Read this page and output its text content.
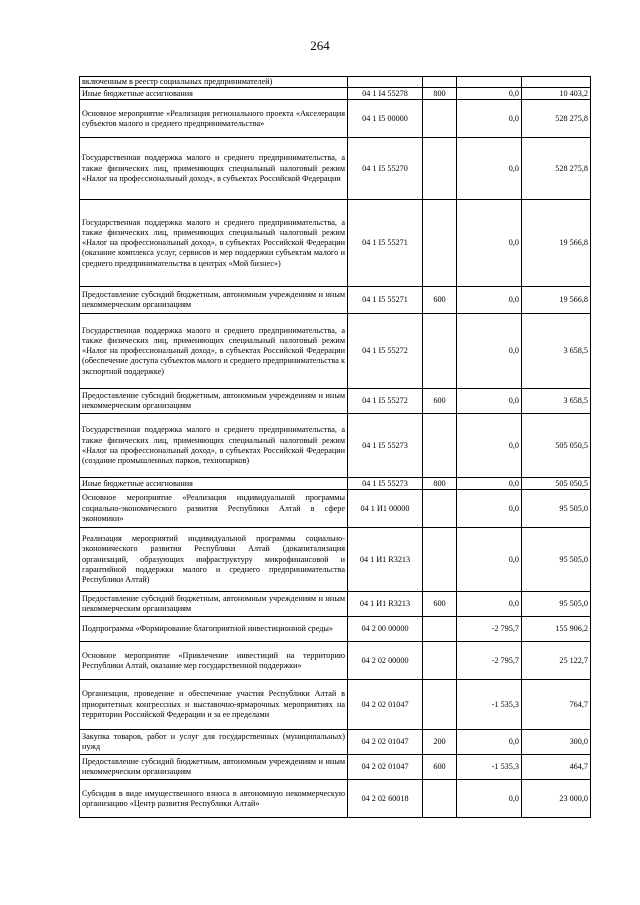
264
включенным в реестр социальных предпринимателей)				
Иные бюджетные ассигнования	04 1 I4 55278	800	0,0	10 403,2
Основное мероприятие «Реализация регионального проекта «Акселерация субъектов малого и среднего предпринимательства»	04 1 I5 00000		0,0	528 275,8
Государственная поддержка малого и среднего предпринимательства, а также физических лиц, применяющих специальный налоговый режим «Налог на профессиональный доход», в субъектах Российской Федерации	04 1 I5 55270		0,0	528 275,8
Государственная поддержка малого и среднего предпринимательства, а также физических лиц, применяющих специальный налоговый режим «Налог на профессиональный доход», в субъектах Российской Федерации (оказание комплекса услуг, сервисов и мер поддержки субъектам малого и среднего предпринимательства в центрах «Мой бизнес»)	04 1 I5 55271		0,0	19 566,8
Предоставление субсидий бюджетным, автономным учреждениям и иным некоммерческим организациям	04 1 I5 55271	600	0,0	19 566,8
Государственная поддержка малого и среднего предпринимательства, а также физических лиц, применяющих специальный налоговый режим «Налог на профессиональный доход», в субъектах Российской Федерации (обеспечение доступа субъектов малого и среднего предпринимательства к экспортной поддержке)	04 1 I5 55272		0,0	3 658,5
Предоставление субсидий бюджетным, автономным учреждениям и иным некоммерческим организациям	04 1 I5 55272	600	0,0	3 658,5
Государственная поддержка малого и среднего предпринимательства, а также физических лиц, применяющих специальный налоговый режим «Налог на профессиональный доход», в субъектах Российской Федерации (создание промышленных парков, технопарков)	04 1 I5 55273		0,0	505 050,5
Иные бюджетные ассигнования	04 1 I5 55273	800	0,0	505 050,5
Основное мероприятие «Реализация индивидуальной программы социально-экономического развития Республики Алтай в сфере экономики»	04 1 И1 00000		0,0	95 505,0
Реализация мероприятий индивидуальной программы социально-экономического развития Республики Алтай (докапитализация организаций, образующих инфраструктуру микрофинансовой и гарантийной поддержки малого и среднего предпринимательства Республики Алтай)	04 1 И1 R3213		0,0	95 505,0
Предоставление субсидий бюджетным, автономным учреждениям и иным некоммерческим организациям	04 1 И1 R3213	600	0,0	95 505,0
Подпрограмма «Формирование благоприятной инвестиционной среды»	04 2 00 00000		-2 795,7	155 906,2
Основное мероприятие «Привлечение инвестиций на территорию Республики Алтай, оказание мер государственной поддержки»	04 2 02 00000		-2 795,7	25 122,7
Организация, проведение и обеспечение участия Республики Алтай в приоритетных конгрессных и выставочно-ярмарочных мероприятиях на территории Российской Федерации и за ее пределами	04 2 02 01047		-1 535,3	764,7
Закупка товаров, работ и услуг для государственных (муниципальных) нужд	04 2 02 01047	200	0,0	300,0
Предоставление субсидий бюджетным, автономным учреждениям и иным некоммерческим организациям	04 2 02 01047	600	-1 535,3	464,7
Субсидия в виде имущественного взноса в автономную некоммерческую организацию «Центр развития Республики Алтай»	04 2 02 60018		0,0	23 000,0
